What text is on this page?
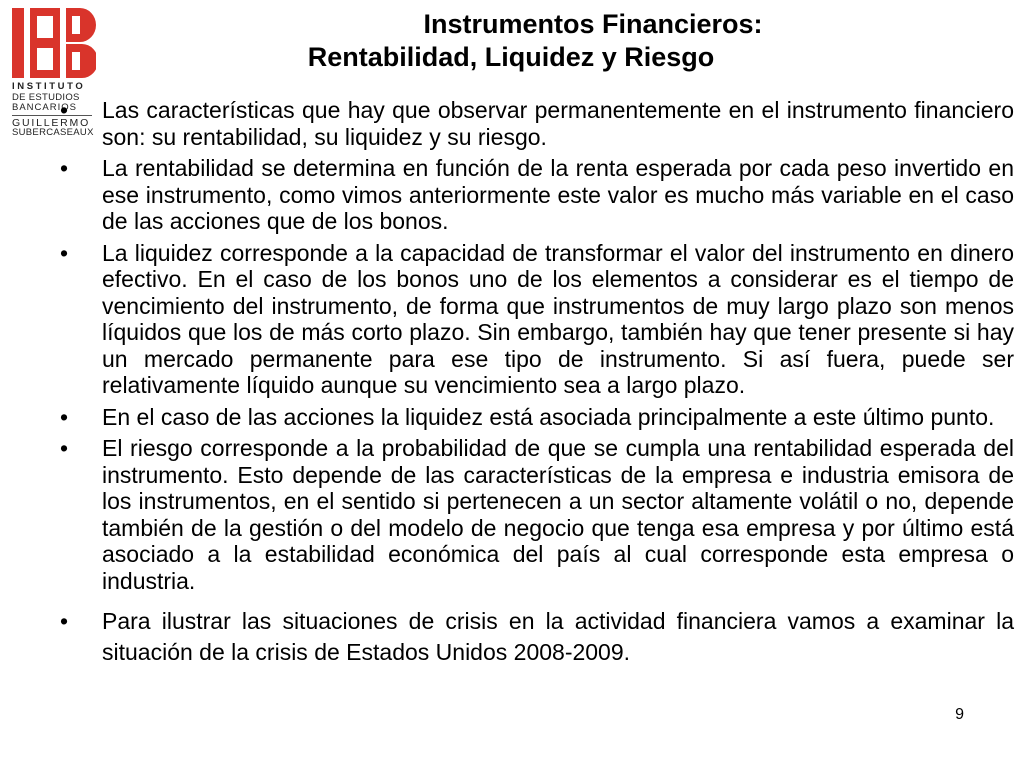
INSTITUTO
DE ESTUDIOS
BANCARIOS
GUILLERMO
SUBERCASEAUX
Instrumentos Financieros:
Rentabilidad, Liquidez y Riesgo
• Las características que hay que observar permanentemente en el instrumento financiero son: su rentabilidad, su liquidez y su riesgo.
• La rentabilidad se determina en función de la renta esperada por cada peso invertido en ese instrumento, como vimos anteriormente este valor es mucho más variable en el caso de las acciones que de los bonos.
• La liquidez corresponde a la capacidad de transformar el valor del instrumento en dinero efectivo. En el caso de los bonos uno de los elementos a considerar es el tiempo de vencimiento del instrumento, de forma que instrumentos de muy largo plazo son menos líquidos que los de más corto plazo. Sin embargo, también hay que tener presente si hay un mercado permanente para ese tipo de instrumento. Si así fuera, puede ser relativamente líquido aunque su vencimiento sea a largo plazo.
• En el caso de las acciones la liquidez está asociada principalmente a este último punto.
• El riesgo corresponde a la probabilidad de que se cumpla una rentabilidad esperada del instrumento. Esto depende de las características de la empresa e industria emisora de los instrumentos, en el sentido si pertenecen a un sector altamente volátil o no, depende también de la gestión o del modelo de negocio que tenga esa empresa y por último está asociado a la estabilidad económica del país al cual corresponde esta empresa o industria.
• Para ilustrar las situaciones de crisis en la actividad financiera vamos a examinar la situación de la crisis de Estados Unidos 2008-2009.
9
